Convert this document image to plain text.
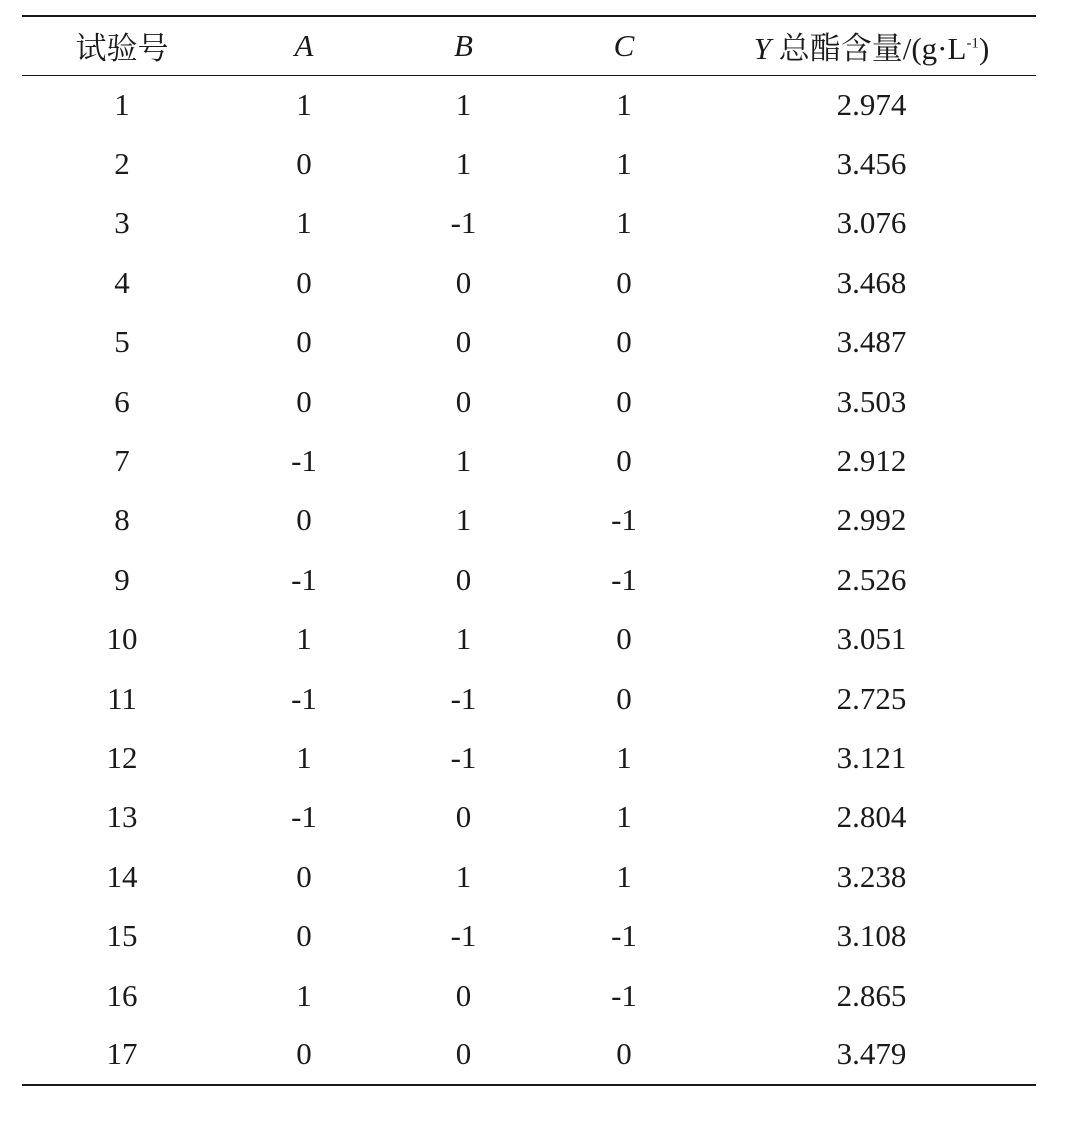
试验号	A	B	C	Y 总酯含量$/(g\cdot L^{-1})$
1	1	1	1	2.974
2	0	1	1	3.456
3	1	-1	1	3.076
4	0	0	0	3.468
5	0	0	0	3.487
6	0	0	0	3.503
7	-1	1	0	2.912
8	0	1	-1	2.992
9	-1	0	-1	2.526
10	1	1	0	3.051
11	-1	-1	0	2.725
12	1	-1	1	3.121
13	-1	0	1	2.804
14	0	1	1	3.238
15	0	-1	-1	3.108
16	1	0	-1	2.865
17	0	0	0	3.479
